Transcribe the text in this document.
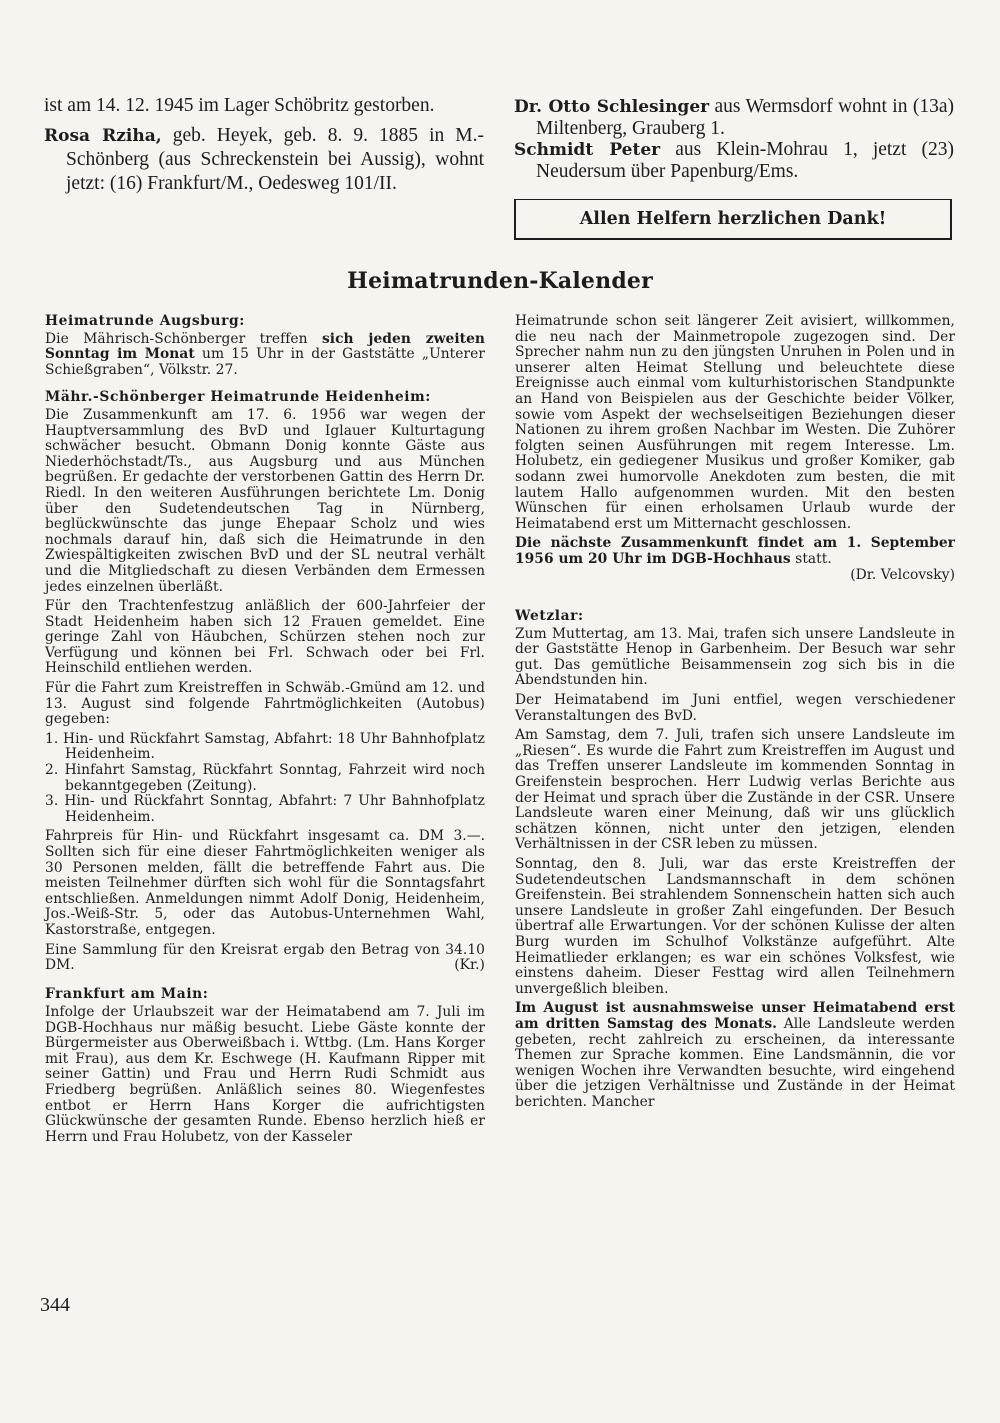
ist am 14. 12. 1945 im Lager Schöbritz gestorben.

Rosa Rziha, geb. Heyek, geb. 8. 9. 1885 in M.-Schönberg (aus Schreckenstein bei Aussig), wohnt jetzt: (16) Frankfurt/M., Oedesweg 101/II.

Dr. Otto Schlesinger aus Wermsdorf wohnt in (13a) Miltenberg, Grauberg 1.

Schmidt Peter aus Klein-Mohrau 1, jetzt (23) Neudersum über Papenburg/Ems.

Allen Helfern herzlichen Dank!
Heimatrunden-Kalender
Heimatrunde Augsburg:

Die Mährisch-Schönberger treffen sich jeden zweiten Sonntag im Monat um 15 Uhr in der Gaststätte „Unterer Schießgraben“, Völkstr. 27.

Mähr.-Schönberger Heimatrunde Heidenheim:

Die Zusammenkunft am 17. 6. 1956 war wegen der Hauptversammlung des BvD und Iglauer Kulturtagung schwächer besucht. Obmann Donig konnte Gäste aus Niederhöchstadt/Ts., aus Augsburg und aus München begrüßen. Er gedachte der verstorbenen Gattin des Herrn Dr. Riedl. In den weiteren Ausführungen berichtete Lm. Donig über den Sudetendeutschen Tag in Nürnberg, beglückwünschte das junge Ehepaar Scholz und wies nochmals darauf hin, daß sich die Heimatrunde in den Zwiespältigkeiten zwischen BvD und der SL neutral verhält und die Mitgliedschaft zu diesen Verbänden dem Ermessen jedes einzelnen überläßt.

Für den Trachtenfestzug anläßlich der 600-Jahrfeier der Stadt Heidenheim haben sich 12 Frauen gemeldet. Eine geringe Zahl von Häubchen, Schürzen stehen noch zur Verfügung und können bei Frl. Schwach oder bei Frl. Heinschild entliehen werden.

Für die Fahrt zum Kreistreffen in Schwäb.-Gmünd am 12. und 13. August sind folgende Fahrtmöglichkeiten (Autobus) gegeben:

1. Hin- und Rückfahrt Samstag, Abfahrt: 18 Uhr Bahnhofplatz Heidenheim.
2. Hinfahrt Samstag, Rückfahrt Sonntag, Fahrzeit wird noch bekanntgegeben (Zeitung).
3. Hin- und Rückfahrt Sonntag, Abfahrt: 7 Uhr Bahnhofplatz Heidenheim.

Fahrpreis für Hin- und Rückfahrt insgesamt ca. DM 3.—. Sollten sich für eine dieser Fahrtmöglichkeiten weniger als 30 Personen melden, fällt die betreffende Fahrt aus. Die meisten Teilnehmer dürften sich wohl für die Sonntagsfahrt entschließen. Anmeldungen nimmt Adolf Donig, Heidenheim, Jos.-Weiß-Str. 5, oder das Autobus-Unternehmen Wahl, Kastorstraße, entgegen.

Eine Sammlung für den Kreisrat ergab den Betrag von 34.10 DM.	(Kr.)

Frankfurt am Main:

Infolge der Urlaubszeit war der Heimatabend am 7. Juli im DGB-Hochhaus nur mäßig besucht. Liebe Gäste konnte der Bürgermeister aus Oberweißbach i. Wttbg. (Lm. Hans Korger mit Frau), aus dem Kr. Eschwege (H. Kaufmann Ripper mit seiner Gattin) und Frau und Herrn Rudi Schmidt aus Friedberg begrüßen. Anläßlich seines 80. Wiegenfestes entbot er Herrn Hans Korger die aufrichtigsten Glückwünsche der gesamten Runde. Ebenso herzlich hieß er Herrn und Frau Holubetz, von der Kasseler

Heimatrunde schon seit längerer Zeit avisiert, willkommen, die neu nach der Mainmetropole zugezogen sind. Der Sprecher nahm nun zu den jüngsten Unruhen in Polen und in unserer alten Heimat Stellung und beleuchtete diese Ereignisse auch einmal vom kulturhistorischen Standpunkte an Hand von Beispielen aus der Geschichte beider Völker, sowie vom Aspekt der wechselseitigen Beziehungen dieser Nationen zu ihrem großen Nachbar im Westen. Die Zuhörer folgten seinen Ausführungen mit regem Interesse. Lm. Holubetz, ein gediegener Musikus und großer Komiker, gab sodann zwei humorvolle Anekdoten zum besten, die mit lautem Hallo aufgenommen wurden. Mit den besten Wünschen für einen erholsamen Urlaub wurde der Heimatabend erst um Mitternacht geschlossen.

Die nächste Zusammenkunft findet am 1. September 1956 um 20 Uhr im DGB-Hochhaus statt.

(Dr. Velcovsky)

Wetzlar:

Zum Muttertag, am 13. Mai, trafen sich unsere Landsleute in der Gaststätte Henop in Garbenheim. Der Besuch war sehr gut. Das gemütliche Beisammensein zog sich bis in die Abendstunden hin.

Der Heimatabend im Juni entfiel, wegen verschiedener Veranstaltungen des BvD.

Am Samstag, dem 7. Juli, trafen sich unsere Landsleute im „Riesen“. Es wurde die Fahrt zum Kreistreffen im August und das Treffen unserer Landsleute im kommenden Sonntag in Greifenstein besprochen. Herr Ludwig verlas Berichte aus der Heimat und sprach über die Zustände in der CSR. Unsere Landsleute waren einer Meinung, daß wir uns glücklich schätzen können, nicht unter den jetzigen, elenden Verhältnissen in der CSR leben zu müssen.

Sonntag, den 8. Juli, war das erste Kreistreffen der Sudetendeutschen Landsmannschaft in dem schönen Greifenstein. Bei strahlendem Sonnenschein hatten sich auch unsere Landsleute in großer Zahl eingefunden. Der Besuch übertraf alle Erwartungen. Vor der schönen Kulisse der alten Burg wurden im Schulhof Volkstänze aufgeführt. Alte Heimatlieder erklangen; es war ein schönes Volksfest, wie einstens daheim. Dieser Festtag wird allen Teilnehmern unvergeßlich bleiben.

Im August ist ausnahmsweise unser Heimatabend erst am dritten Samstag des Monats. Alle Landsleute werden gebeten, recht zahlreich zu erscheinen, da interessante Themen zur Sprache kommen. Eine Landsmännin, die vor wenigen Wochen ihre Verwandten besuchte, wird eingehend über die jetzigen Verhältnisse und Zustände in der Heimat berichten. Mancher

344
